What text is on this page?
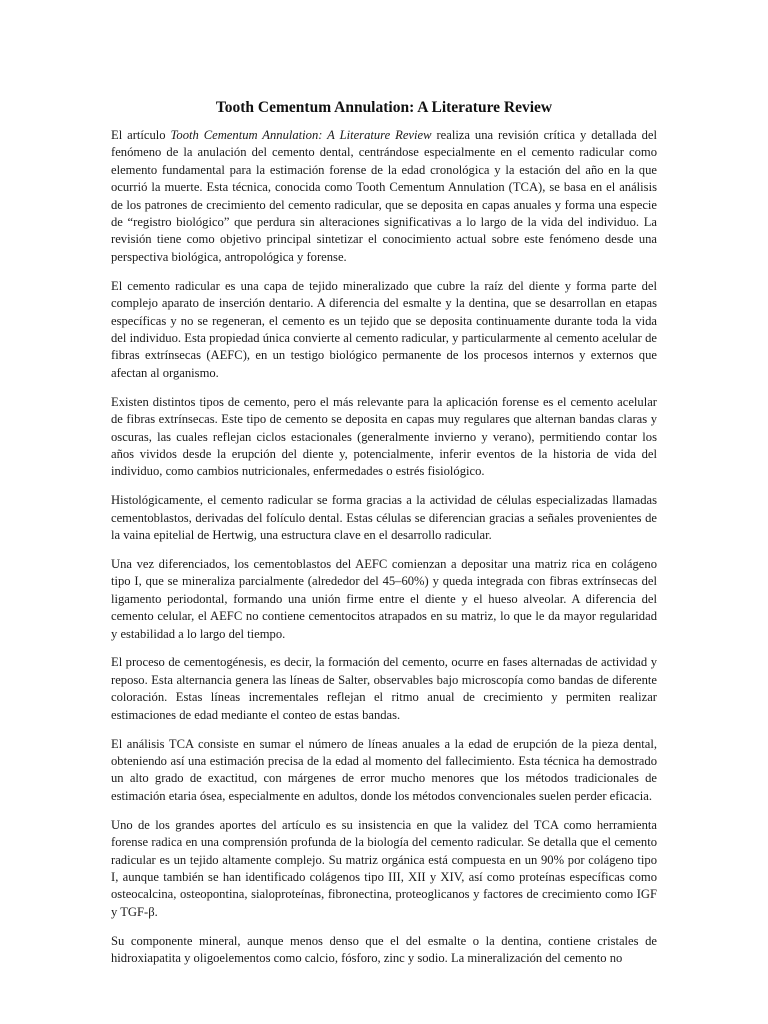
Tooth Cementum Annulation: A Literature Review

El artículo Tooth Cementum Annulation: A Literature Review realiza una revisión crítica y detallada del fenómeno de la anulación del cemento dental, centrándose especialmente en el cemento radicular como elemento fundamental para la estimación forense de la edad cronológica y la estación del año en la que ocurrió la muerte. Esta técnica, conocida como Tooth Cementum Annulation (TCA), se basa en el análisis de los patrones de crecimiento del cemento radicular, que se deposita en capas anuales y forma una especie de “registro biológico” que perdura sin alteraciones significativas a lo largo de la vida del individuo. La revisión tiene como objetivo principal sintetizar el conocimiento actual sobre este fenómeno desde una perspectiva biológica, antropológica y forense.

El cemento radicular es una capa de tejido mineralizado que cubre la raíz del diente y forma parte del complejo aparato de inserción dentario. A diferencia del esmalte y la dentina, que se desarrollan en etapas específicas y no se regeneran, el cemento es un tejido que se deposita continuamente durante toda la vida del individuo. Esta propiedad única convierte al cemento radicular, y particularmente al cemento acelular de fibras extrínsecas (AEFC), en un testigo biológico permanente de los procesos internos y externos que afectan al organismo.

Existen distintos tipos de cemento, pero el más relevante para la aplicación forense es el cemento acelular de fibras extrínsecas. Este tipo de cemento se deposita en capas muy regulares que alternan bandas claras y oscuras, las cuales reflejan ciclos estacionales (generalmente invierno y verano), permitiendo contar los años vividos desde la erupción del diente y, potencialmente, inferir eventos de la historia de vida del individuo, como cambios nutricionales, enfermedades o estrés fisiológico.

Histológicamente, el cemento radicular se forma gracias a la actividad de células especializadas llamadas cementoblastos, derivadas del folículo dental. Estas células se diferencian gracias a señales provenientes de la vaina epitelial de Hertwig, una estructura clave en el desarrollo radicular.

Una vez diferenciados, los cementoblastos del AEFC comienzan a depositar una matriz rica en colágeno tipo I, que se mineraliza parcialmente (alrededor del 45–60%) y queda integrada con fibras extrínsecas del ligamento periodontal, formando una unión firme entre el diente y el hueso alveolar. A diferencia del cemento celular, el AEFC no contiene cementocitos atrapados en su matriz, lo que le da mayor regularidad y estabilidad a lo largo del tiempo.

El proceso de cementogénesis, es decir, la formación del cemento, ocurre en fases alternadas de actividad y reposo. Esta alternancia genera las líneas de Salter, observables bajo microscopía como bandas de diferente coloración. Estas líneas incrementales reflejan el ritmo anual de crecimiento y permiten realizar estimaciones de edad mediante el conteo de estas bandas.

El análisis TCA consiste en sumar el número de líneas anuales a la edad de erupción de la pieza dental, obteniendo así una estimación precisa de la edad al momento del fallecimiento. Esta técnica ha demostrado un alto grado de exactitud, con márgenes de error mucho menores que los métodos tradicionales de estimación etaria ósea, especialmente en adultos, donde los métodos convencionales suelen perder eficacia.

Uno de los grandes aportes del artículo es su insistencia en que la validez del TCA como herramienta forense radica en una comprensión profunda de la biología del cemento radicular. Se detalla que el cemento radicular es un tejido altamente complejo. Su matriz orgánica está compuesta en un 90% por colágeno tipo I, aunque también se han identificado colágenos tipo III, XII y XIV, así como proteínas específicas como osteocalcina, osteopontina, sialoproteínas, fibronectina, proteoglicanos y factores de crecimiento como IGF y TGF-β.

Su componente mineral, aunque menos denso que el del esmalte o la dentina, contiene cristales de hidroxiapatita y oligoelementos como calcio, fósforo, zinc y sodio. La mineralización del cemento no
